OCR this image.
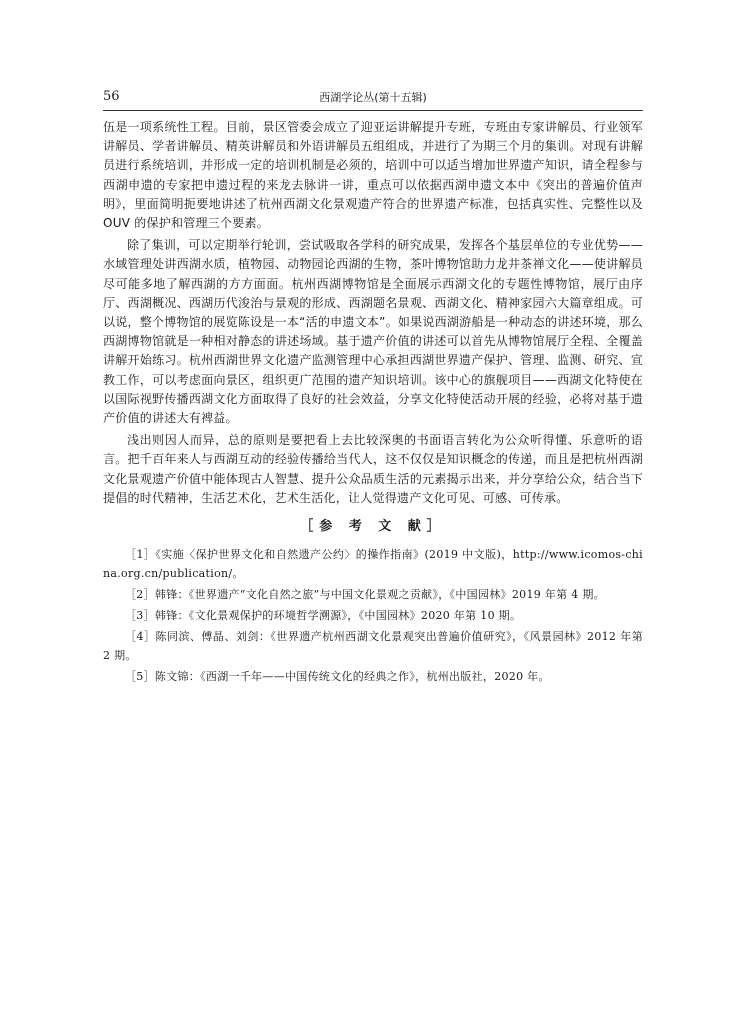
56	西湖学论丛(第十五辑)

伍是一项系统性工程。目前，景区管委会成立了迎亚运讲解提升专班，专班由专家讲解员、行业领军讲解员、学者讲解员、精英讲解员和外语讲解员五组组成，并进行了为期三个月的集训。对现有讲解员进行系统培训，并形成一定的培训机制是必须的，培训中可以适当增加世界遗产知识，请全程参与西湖申遗的专家把申遗过程的来龙去脉讲一讲，重点可以依据西湖申遗文本中《突出的普遍价值声明》，里面简明扼要地讲述了杭州西湖文化景观遗产符合的世界遗产标准，包括真实性、完整性以及 OUV 的保护和管理三个要素。

除了集训，可以定期举行轮训，尝试吸取各学科的研究成果，发挥各个基层单位的专业优势——水域管理处讲西湖水质，植物园、动物园论西湖的生物，茶叶博物馆助力龙井茶禅文化——使讲解员尽可能多地了解西湖的方方面面。杭州西湖博物馆是全面展示西湖文化的专题性博物馆，展厅由序厅、西湖概况、西湖历代浚治与景观的形成、西湖题名景观、西湖文化、精神家园六大篇章组成。可以说，整个博物馆的展览陈设是一本“活的申遗文本”。如果说西湖游船是一种动态的讲述环境，那么西湖博物馆就是一种相对静态的讲述场域。基于遗产价值的讲述可以首先从博物馆展厅全程、全覆盖讲解开始练习。杭州西湖世界文化遗产监测管理中心承担西湖世界遗产保护、管理、监测、研究、宣教工作，可以考虑面向景区，组织更广范围的遗产知识培训。该中心的旗舰项目——西湖文化特使在以国际视野传播西湖文化方面取得了良好的社会效益，分享文化特使活动开展的经验，必将对基于遗产价值的讲述大有裨益。

浅出则因人而异，总的原则是要把看上去比较深奥的书面语言转化为公众听得懂、乐意听的语言。把千百年来人与西湖互动的经验传播给当代人，这不仅仅是知识概念的传递，而且是把杭州西湖文化景观遗产价值中能体现古人智慧、提升公众品质生活的元素揭示出来，并分享给公众，结合当下提倡的时代精神，生活艺术化，艺术生活化，让人觉得遗产文化可见、可感、可传承。

［参 考 文 献］

［1］《实施〈保护世界文化和自然遗产公约〉的操作指南》(2019 中文版)，http://www.icomos-china.org.cn/publication/。

［2］韩锋：《世界遗产“文化自然之旅”与中国文化景观之贡献》，《中国园林》2019 年第 4 期。

［3］韩锋：《文化景观保护的环境哲学溯源》，《中国园林》2020 年第 10 期。

［4］陈同滨、傅晶、刘剑：《世界遗产杭州西湖文化景观突出普遍价值研究》，《风景园林》2012 年第 2 期。

［5］陈文锦：《西湖一千年——中国传统文化的经典之作》，杭州出版社，2020 年。
